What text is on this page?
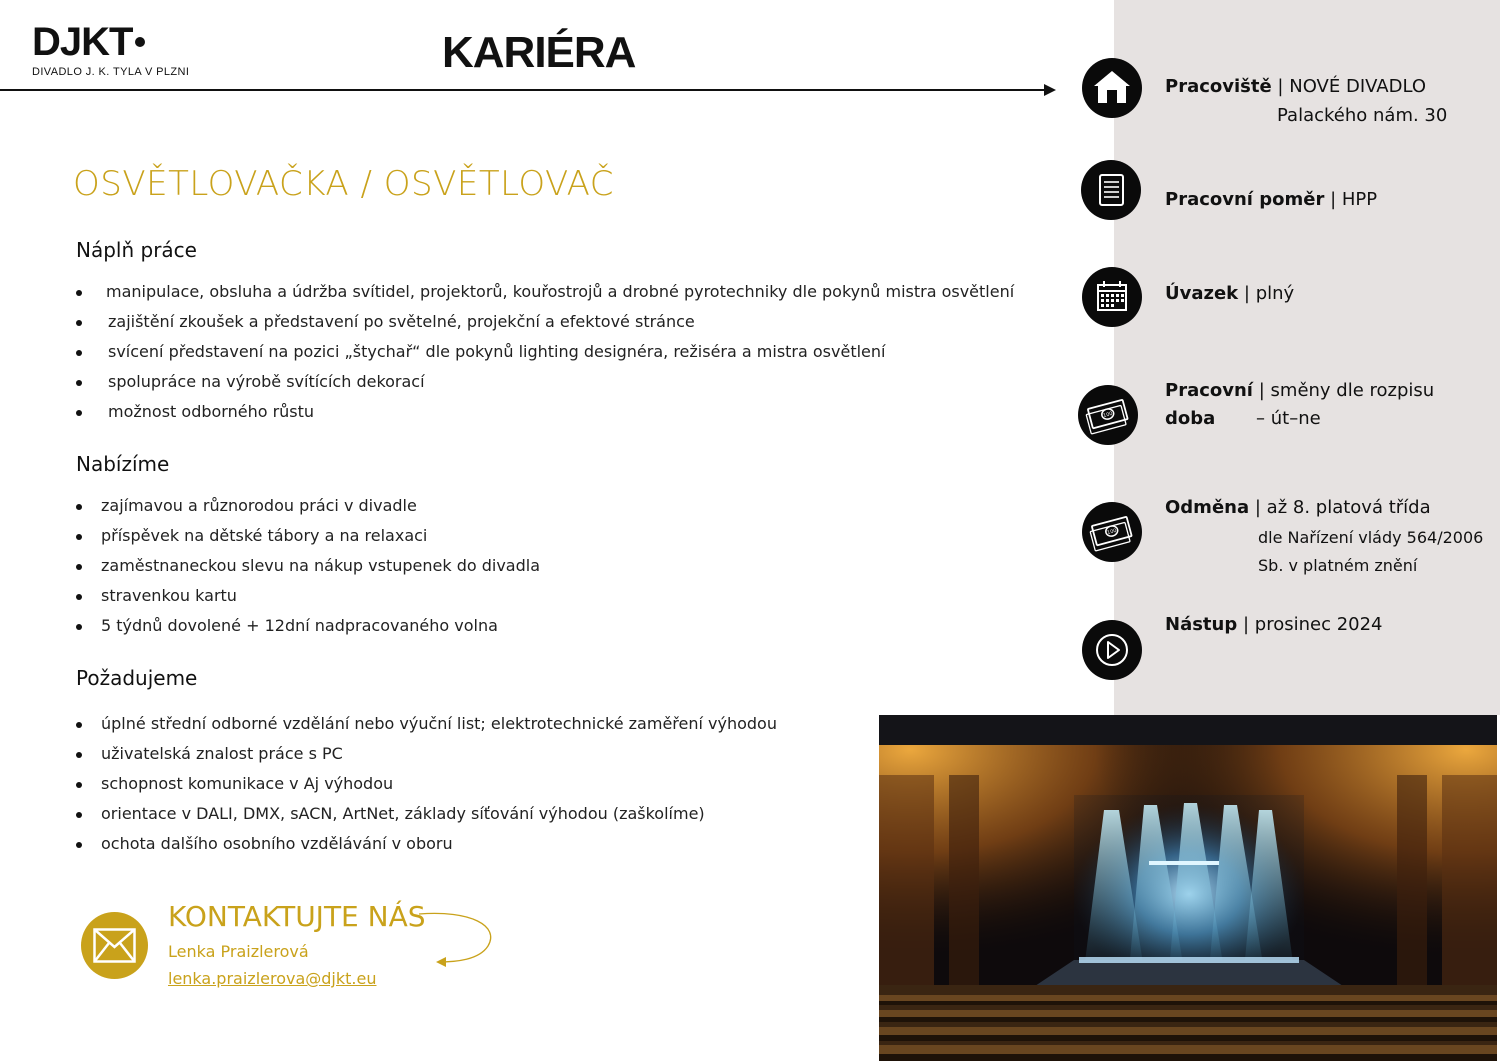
DJKT
DIVADLO J. K. TYLA V PLZNI	KARIÉRA
OSVĚTLOVAČKA / OSVĚTLOVAČ
Náplň práce
manipulace, obsluha a údržba svítidel, projektorů, kouřostrojů a drobné pyrotechniky dle pokynů mistra osvětlení
zajištění zkoušek a představení po světelné, projekční a efektové stránce
svícení představení na pozici „štychař“ dle pokynů lighting designéra, režiséra a mistra osvětlení
spolupráce na výrobě svítících dekorací
možnost odborného růstu
Nabízíme
zajímavou a různorodou práci v divadle
příspěvek na dětské tábory a na relaxaci
zaměstnaneckou slevu na nákup vstupenek do divadla
stravenkou kartu
5 týdnů dovolené + 12dní nadpracovaného volna
Požadujeme
úplné střední odborné vzdělání nebo výuční list; elektrotechnické zaměření výhodou
uživatelská znalost práce s PC
schopnost komunikace v Aj výhodou
orientace v DALI, DMX, sACN, ArtNet, základy síťování výhodou (zaškolíme)
ochota dalšího osobního vzdělávání v oboru
KONTAKTUJTE NÁS
Lenka Praizlerová
lenka.praizlerova@djkt.eu
Pracoviště | NOVÉ DIVADLO
Palackého nám. 30
Pracovní poměr | HPP
Úvazek | plný
100
Pracovní | směny dle rozpisu
doba – út–ne
100
Odměna | až 8. platová třída
dle Nařízení vlády 564/2006
Sb. v platném znění
Nástup | prosinec 2024
